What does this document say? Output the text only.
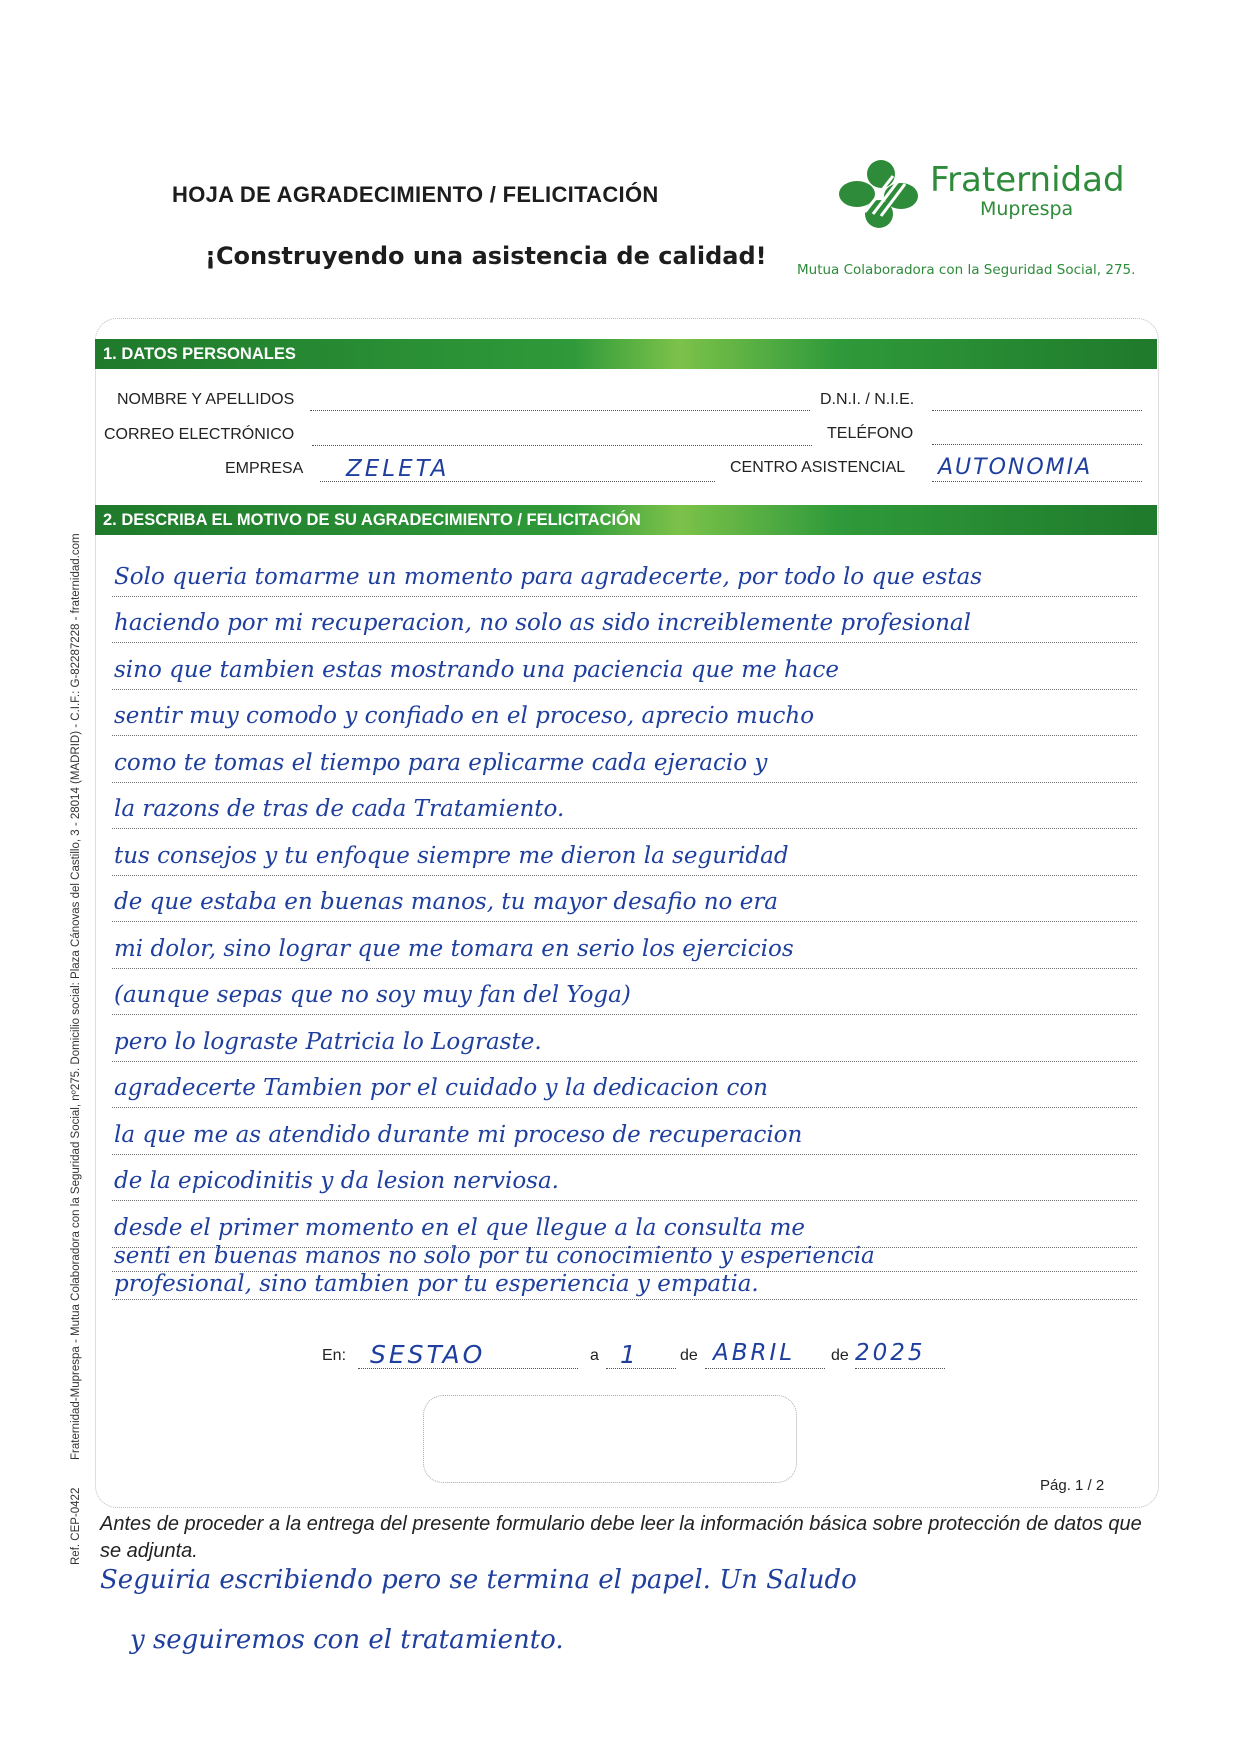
HOJA DE AGRADECIMIENTO / FELICITACIÓN
¡Construyendo una asistencia de calidad!
Fraternidad
Muprespa
Mutua Colaboradora con la Seguridad Social, 275.
Fraternidad-Muprespa - Mutua Colaboradora con la Seguridad Social, nº275. Domicilio social: Plaza Cánovas del Castillo, 3 - 28014 (MADRID) - C.I.F.: G-82287228 - fraternidad.com
Ref. CEP-0422
1. DATOS PERSONALES
NOMBRE Y APELLIDOS	D.N.I. / N.I.E.
CORREO ELECTRÓNICO	TELÉFONO
EMPRESA ZELETA	CENTRO ASISTENCIAL AUTONOMIA
2. DESCRIBA EL MOTIVO DE SU AGRADECIMIENTO / FELICITACIÓN
Solo queria tomarme un momento para agradecerte, por todo lo que estas
haciendo por mi recuperacion, no solo as sido increiblemente profesional
sino que tambien estas mostrando una paciencia que me hace
sentir muy comodo y confiado en el proceso, aprecio mucho
como te tomas el tiempo para eplicarme cada ejeracio y
la razons de tras de cada Tratamiento.
tus consejos y tu enfoque siempre me dieron la seguridad
de que estaba en buenas manos, tu mayor desafio no era
mi dolor, sino lograr que me tomara en serio los ejercicios
(aunque sepas que no soy muy fan del Yoga)
pero lo lograste Patricia lo Lograste.
agradecerte Tambien por el cuidado y la dedicacion con
la que me as atendido durante mi proceso de recuperacion
de la epicodinitis y da lesion nerviosa.
desde el primer momento en el que llegue a la consulta me
senti en buenas manos no solo por tu conocimiento y esperiencia
profesional, sino tambien por tu esperiencia y empatia.
En: SESTAO	a 1	de ABRIL de 2025
Pág. 1 / 2
Antes de proceder a la entrega del presente formulario debe leer la información básica sobre protección de datos que se adjunta.
Seguiria escribiendo pero se termina el papel. Un Saludo
y seguiremos con el tratamiento.
